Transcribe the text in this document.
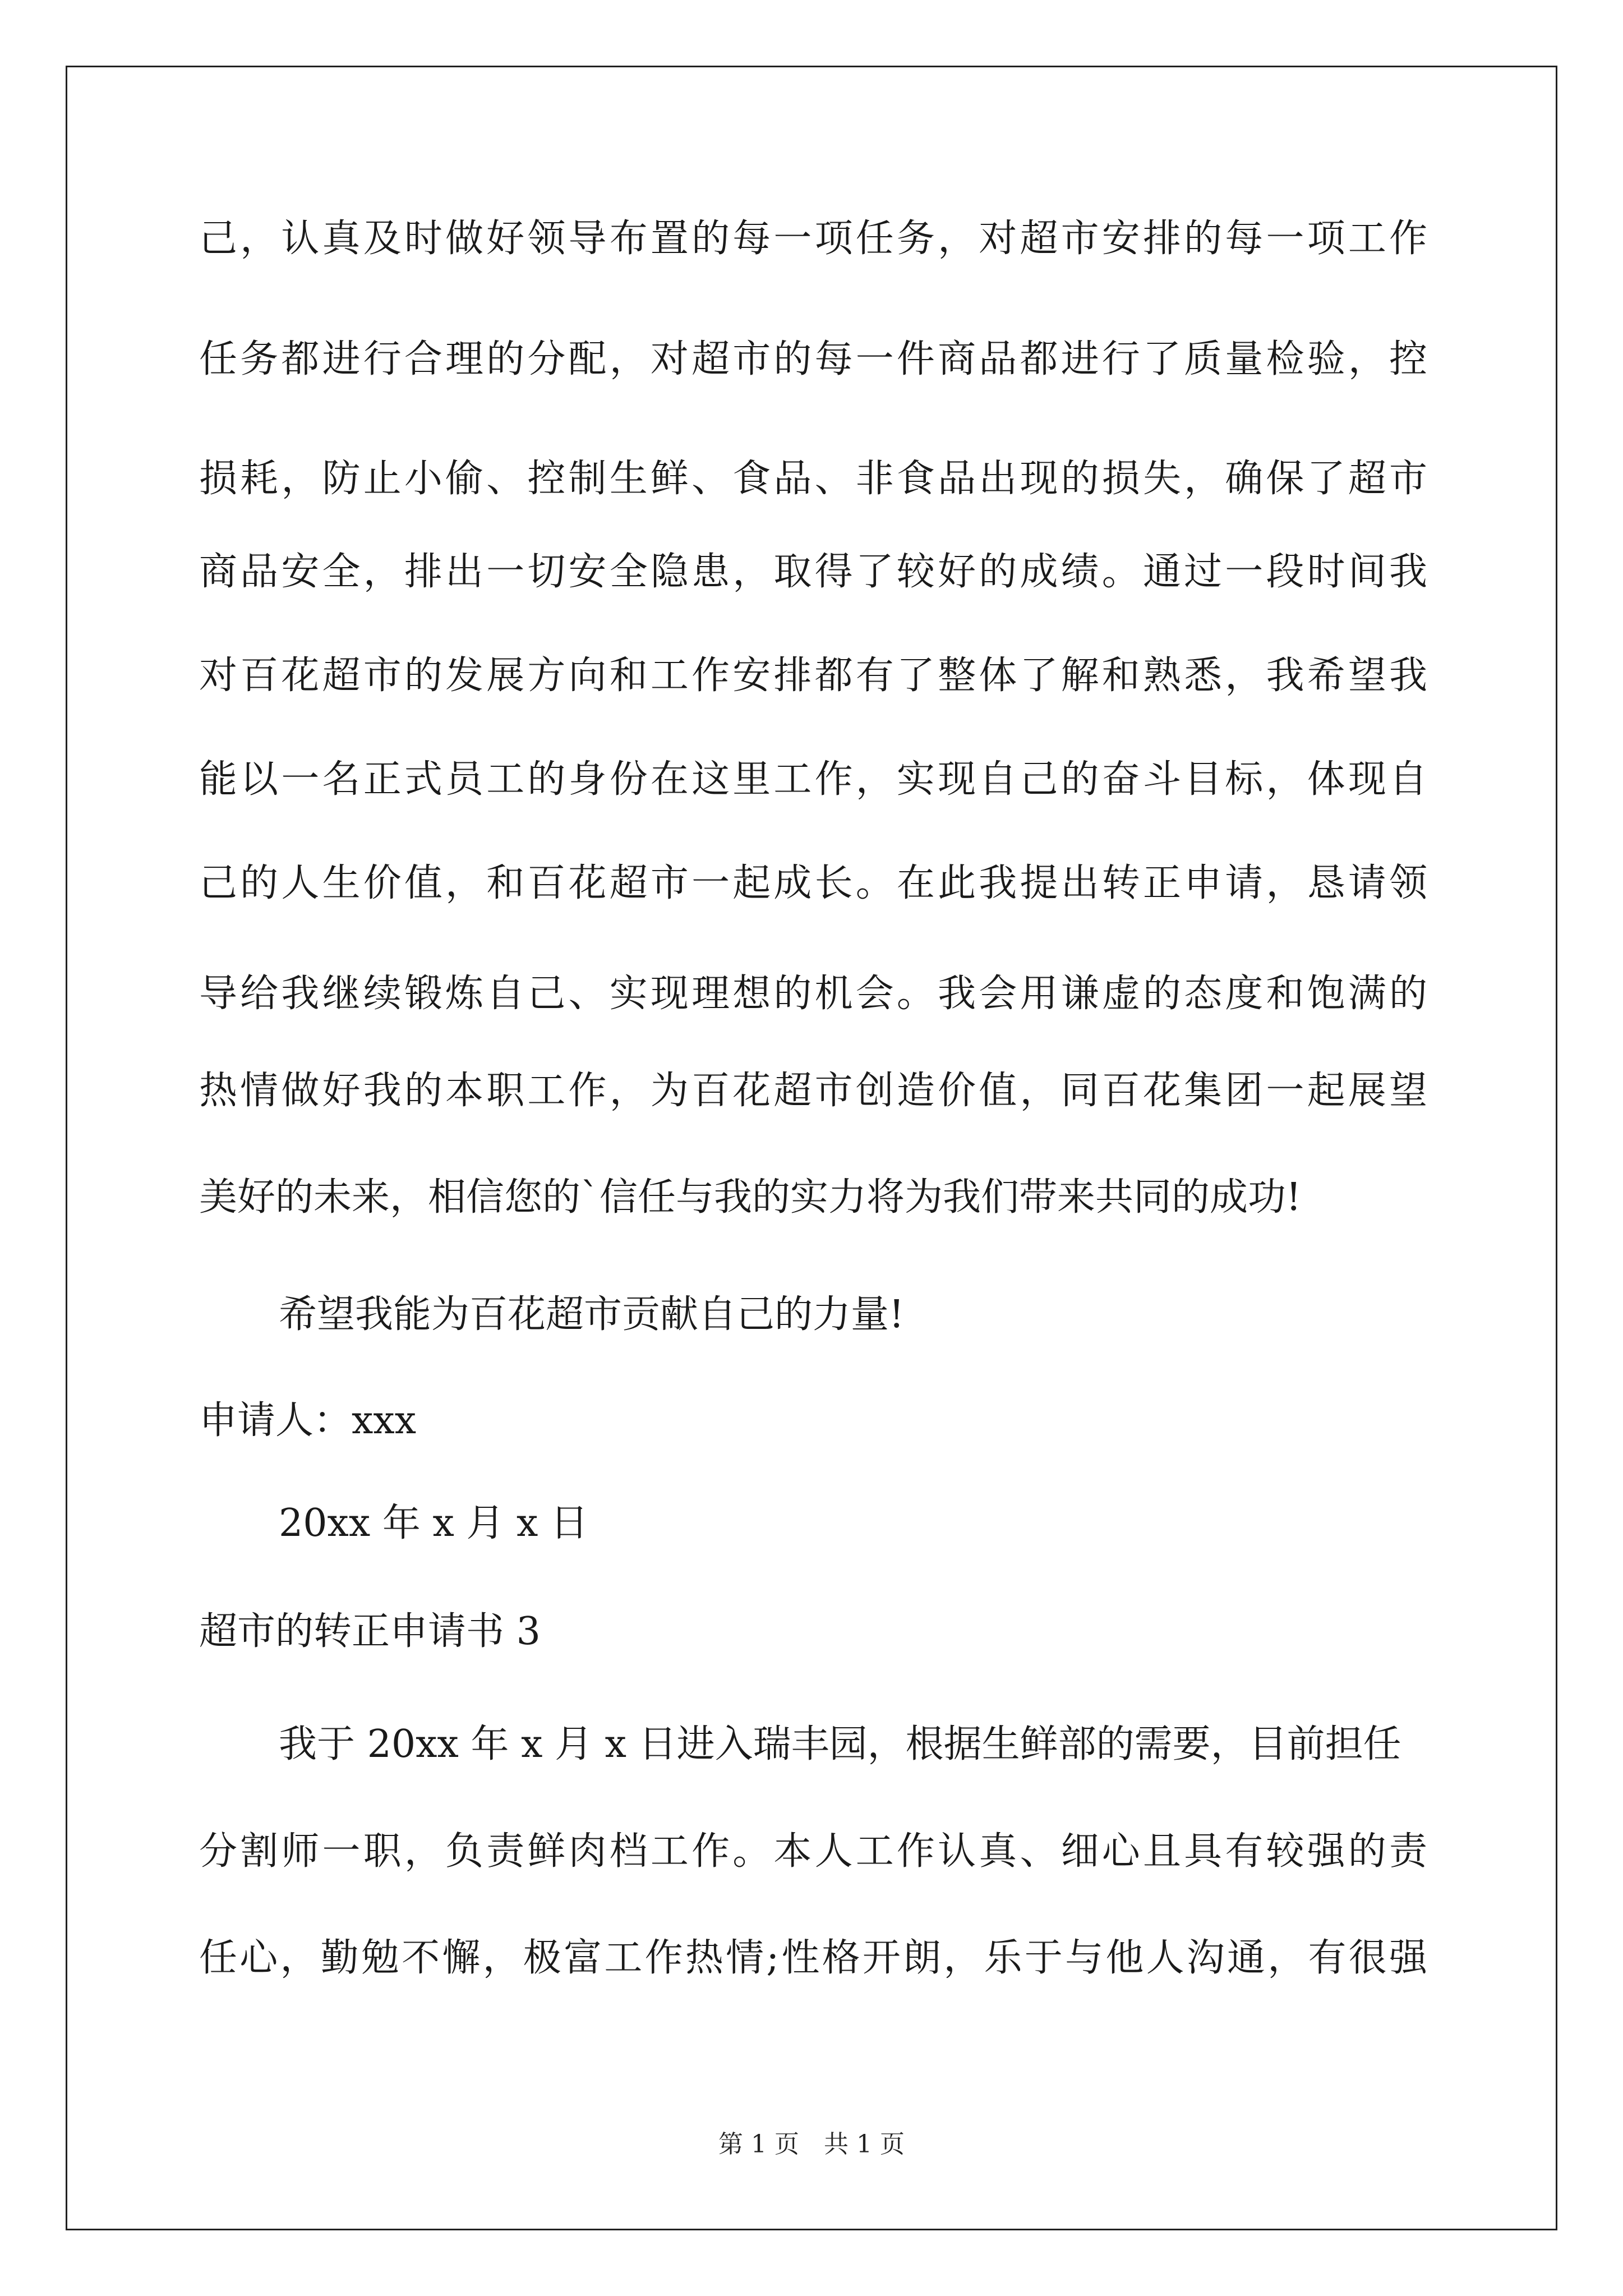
己，认真及时做好领导布置的每一项任务，对超市安排的每一项工作
任务都进行合理的分配，对超市的每一件商品都进行了质量检验，控
损耗，防止小偷、控制生鲜、食品、非食品出现的损失，确保了超市
商品安全，排出一切安全隐患，取得了较好的成绩。通过一段时间我
对百花超市的发展方向和工作安排都有了整体了解和熟悉，我希望我
能以一名正式员工的身份在这里工作，实现自己的奋斗目标，体现自
己的人生价值，和百花超市一起成长。在此我提出转正申请，恳请领
导给我继续锻炼自己、实现理想的机会。我会用谦虚的态度和饱满的
热情做好我的本职工作，为百花超市创造价值，同百花集团一起展望
美好的未来，相信您的`信任与我的实力将为我们带来共同的成功!
希望我能为百花超市贡献自己的力量!
申请人：xxx
20xx 年 x 月 x 日
超市的转正申请书 3
我于 20xx 年 x 月 x 日进入瑞丰园，根据生鲜部的需要，目前担任
分割师一职，负责鲜肉档工作。本人工作认真、细心且具有较强的责
任心，勤勉不懈，极富工作热情;性格开朗，乐于与他人沟通，有很强
第 1 页　共 1 页
